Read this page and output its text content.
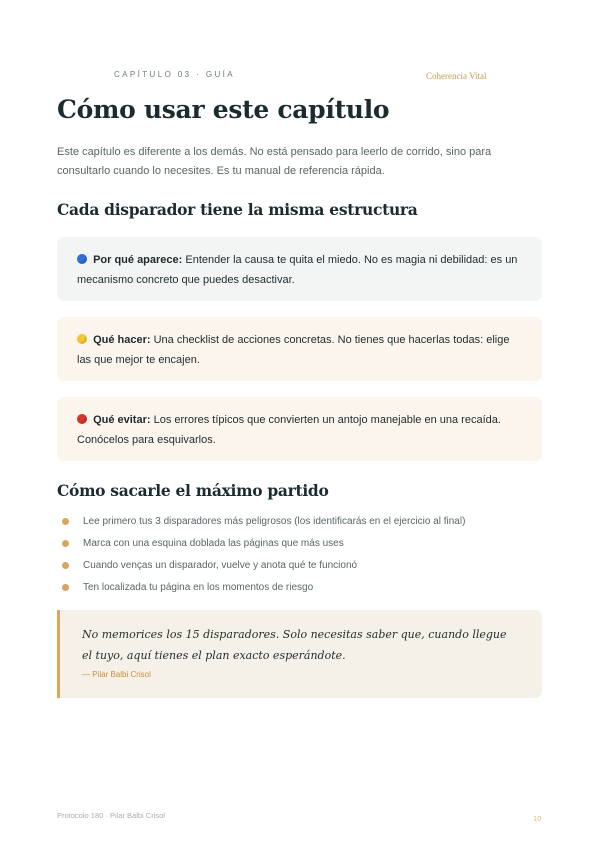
CAPÍTULO 03 · GUÍA	Coherencia Vital
Cómo usar este capítulo

Este capítulo es diferente a los demás. No está pensado para leerlo de corrido, sino para consultarlo cuando lo necesites. Es tu manual de referencia rápida.

Cada disparador tiene la misma estructura
Por qué aparece: Entender la causa te quita el miedo. No es magia ni debilidad: es un mecanismo concreto que puedes desactivar.
Qué hacer: Una checklist de acciones concretas. No tienes que hacerlas todas: elige las que mejor te encajen.
Qué evitar: Los errores típicos que convierten un antojo manejable en una recaída. Conócelos para esquivarlos.
Cómo sacarle el máximo partido
Lee primero tus 3 disparadores más peligrosos (los identificarás en el ejercicio al final)
Marca con una esquina doblada las páginas que más uses
Cuando venças un disparador, vuelve y anota qué te funcionó
Ten localizada tu página en los momentos de riesgo

No memorices los 15 disparadores. Solo necesitas saber que, cuando llegue el tuyo, aquí tienes el plan exacto esperándote.

— Pilar Balbi Crisol
Protocolo 180 · Pilar Balbi Crisol	10
